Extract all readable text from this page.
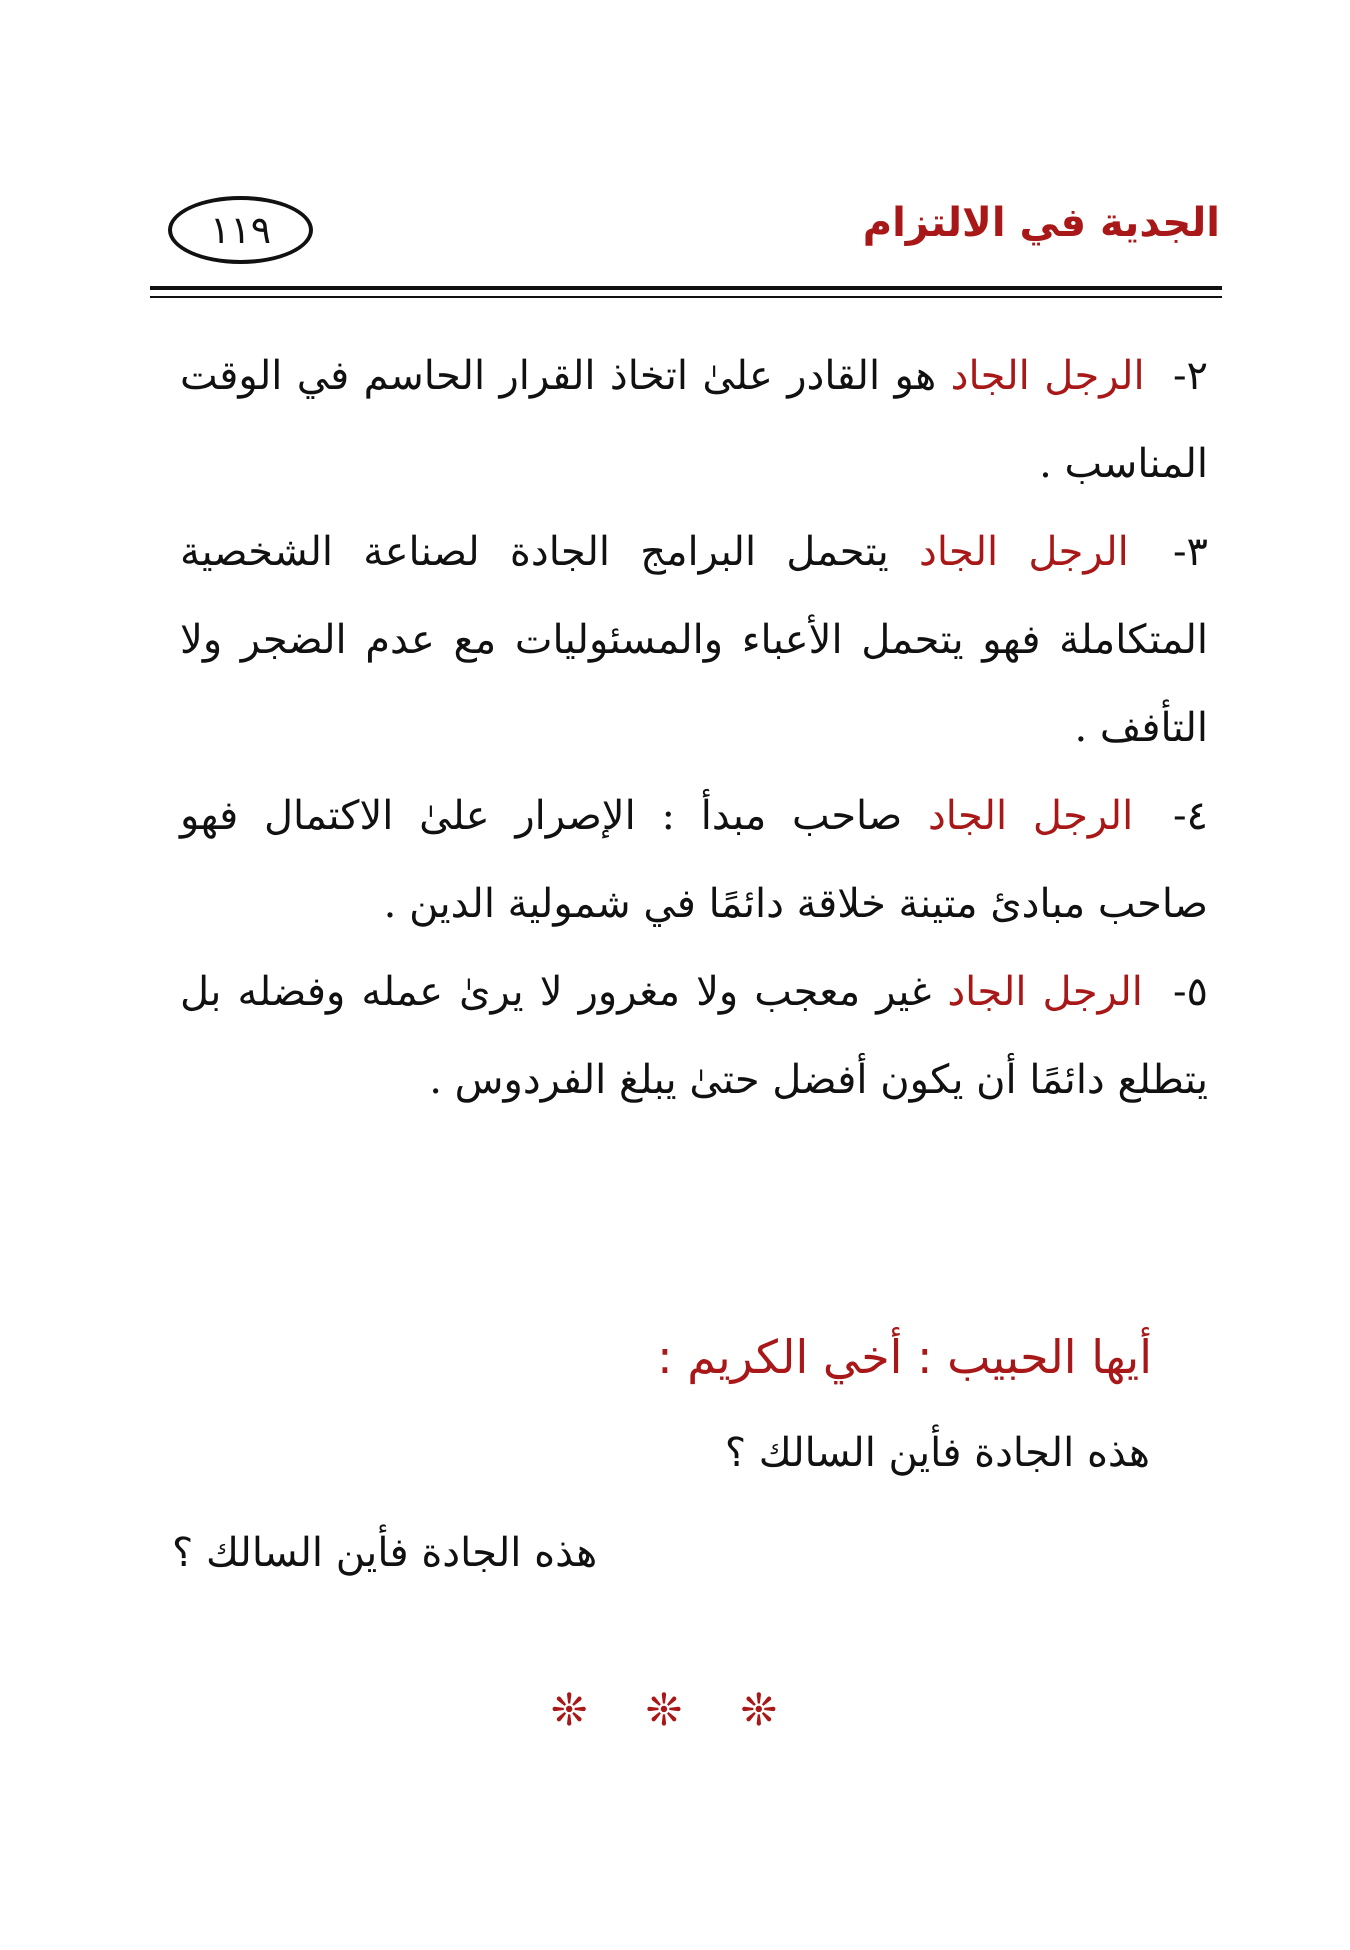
الجدية في الالتزام
١١٩

٢- الرجل الجاد هو القادر علىٰ اتخاذ القرار الحاسم في الوقت المناسب .

٣- الرجل الجاد يتحمل البرامج الجادة لصناعة الشخصية المتكاملة فهو يتحمل الأعباء والمسئوليات مع عدم الضجر ولا التأفف .

٤- الرجل الجاد صاحب مبدأ : الإصرار علىٰ الاكتمال فهو صاحب مبادئ متينة خلاقة دائمًا في شمولية الدين .

٥- الرجل الجاد غير معجب ولا مغرور لا يرىٰ عمله وفضله بل يتطلع دائمًا أن يكون أفضل حتىٰ يبلغ الفردوس .

أيها الحبيب : أخي الكريم :
هذه الجادة فأين السالك ؟
هذه الجادة فأين السالك ؟
❊ ❊ ❊
